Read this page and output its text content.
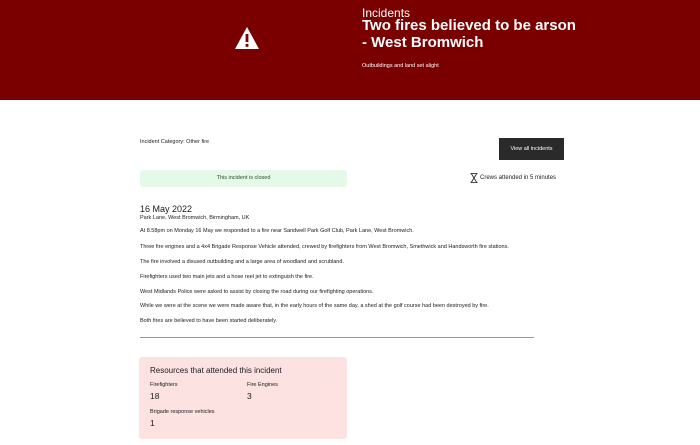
Incidents
Two fires believed to be arson - West Bromwich
Outbuildings and land set alight
Incident Category: Other fire
View all incidents
This incident is closed	Crews attended in 5 minutes
16 May 2022
Park Lane, West Bromwich, Birmingham, UK

At 8.58pm on Monday 16 May we responded to a fire near Sandwell Park Golf Club, Park Lane, West Bromwich.

Three fire engines and a 4x4 Brigade Response Vehicle attended, crewed by firefighters from West Bromwich, Smethwick and Handsworth fire stations.

The fire involved a disused outbuilding and a large area of woodland and scrubland.

Firefighters used two main jets and a hose reel jet to extinguish the fire.

West Midlands Police were asked to assist by closing the road during our firefighting operations.

While we were at the scene we were made aware that, in the early hours of the same day, a shed at the golf course had been destroyed by fire.

Both fires are believed to have been started deliberately.

Resources that attended this incident
Firefighters
18
Fire Engines
3
Brigade response vehicles
1
